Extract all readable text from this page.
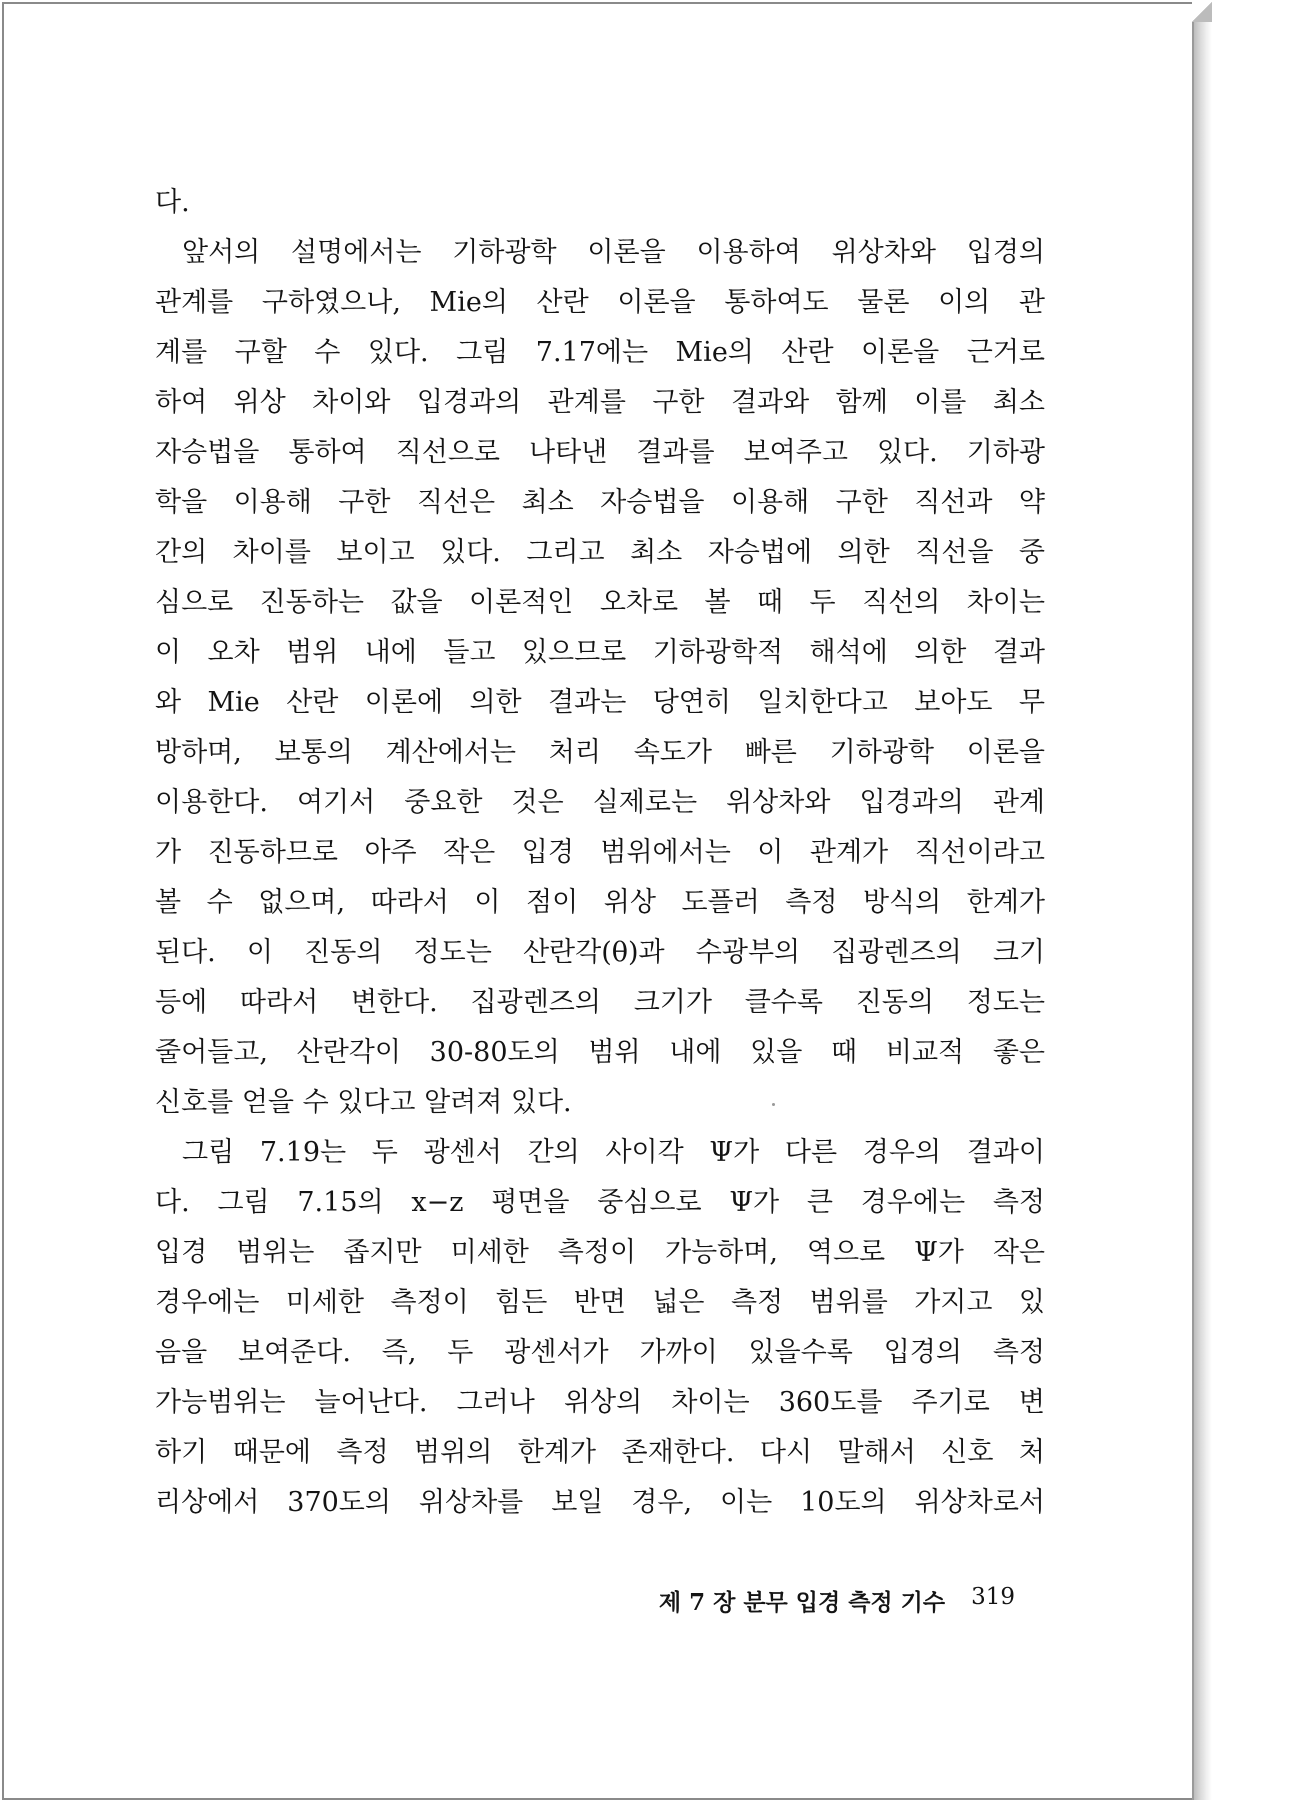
다.
앞서의 설명에서는 기하광학 이론을 이용하여 위상차와 입경의
관계를 구하였으나, Mie의 산란 이론을 통하여도 물론 이의 관
계를 구할 수 있다. 그림 7.17에는 Mie의 산란 이론을 근거로
하여 위상 차이와 입경과의 관계를 구한 결과와 함께 이를 최소
자승법을 통하여 직선으로 나타낸 결과를 보여주고 있다. 기하광
학을 이용해 구한 직선은 최소 자승법을 이용해 구한 직선과 약
간의 차이를 보이고 있다. 그리고 최소 자승법에 의한 직선을 중
심으로 진동하는 값을 이론적인 오차로 볼 때 두 직선의 차이는
이 오차 범위 내에 들고 있으므로 기하광학적 해석에 의한 결과
와 Mie 산란 이론에 의한 결과는 당연히 일치한다고 보아도 무
방하며, 보통의 계산에서는 처리 속도가 빠른 기하광학 이론을
이용한다. 여기서 중요한 것은 실제로는 위상차와 입경과의 관계
가 진동하므로 아주 작은 입경 범위에서는 이 관계가 직선이라고
볼 수 없으며, 따라서 이 점이 위상 도플러 측정 방식의 한계가
된다. 이 진동의 정도는 산란각(θ)과 수광부의 집광렌즈의 크기
등에 따라서 변한다. 집광렌즈의 크기가 클수록 진동의 정도는
줄어들고, 산란각이 30-80도의 범위 내에 있을 때 비교적 좋은
신호를 얻을 수 있다고 알려져 있다.
그림 7.19는 두 광센서 간의 사이각 Ψ가 다른 경우의 결과이
다. 그림 7.15의 x−z 평면을 중심으로 Ψ가 큰 경우에는 측정
입경 범위는 좁지만 미세한 측정이 가능하며, 역으로 Ψ가 작은
경우에는 미세한 측정이 힘든 반면 넓은 측정 범위를 가지고 있
음을 보여준다. 즉, 두 광센서가 가까이 있을수록 입경의 측정
가능범위는 늘어난다. 그러나 위상의 차이는 360도를 주기로 변
하기 때문에 측정 범위의 한계가 존재한다. 다시 말해서 신호 처
리상에서 370도의 위상차를 보일 경우, 이는 10도의 위상차로서
제 7 장 분무 입경 측정 기수 319
